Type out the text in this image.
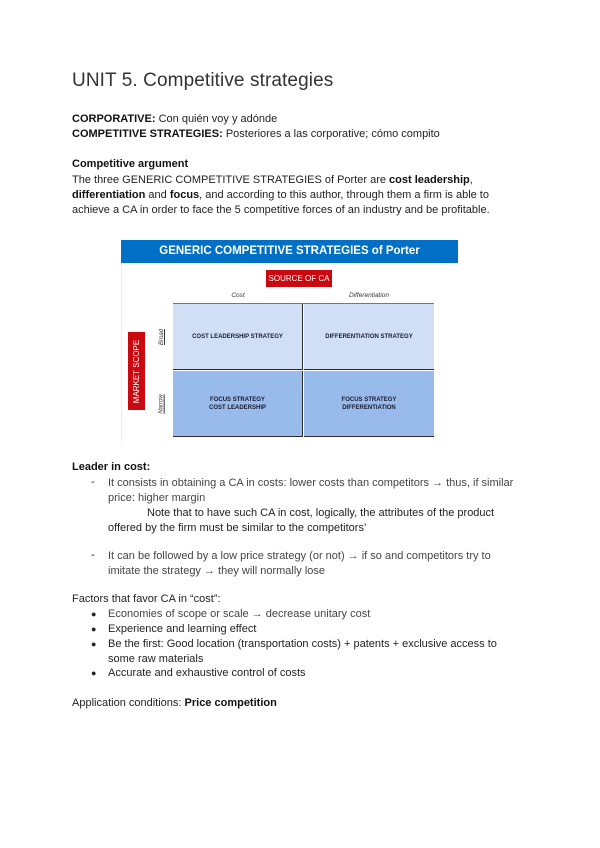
UNIT 5. Competitive strategies
CORPORATIVE: Con quién voy y adónde
COMPETITIVE STRATEGIES: Posteriores a las corporative; cómo compito
Competitive argument
The three GENERIC COMPETITIVE STRATEGIES of Porter are cost leadership,
differentiation and focus, and according to this author, through them a firm is able to
achieve a CA in order to face the 5 competitive forces of an industry and be profitable.
GENERIC COMPETITIVE STRATEGIES of Porter
SOURCE OF CA
Cost	Differentiation
MARKET SCOPE
Broad
Narrow
COST LEADERSHIP STRATEGY	DIFFERENTIATION STRATEGY
FOCUS STRATEGY
COST LEADERSHIP
FOCUS STRATEGY
DIFFERENTIATION
Leader in cost:
- It consists in obtaining a CA in costs: lower costs than competitors → thus, if similar
price: higher margin
Note that to have such CA in cost, logically, the attributes of the product
offered by the firm must be similar to the competitors’
- It can be followed by a low price strategy (or not) → if so and competitors try to
imitate the strategy → they will normally lose
Factors that favor CA in “cost”:
● Economies of scope or scale → decrease unitary cost
● Experience and learning effect
● Be the first: Good location (transportation costs) + patents + exclusive access to
some raw materials
● Accurate and exhaustive control of costs
Application conditions: Price competition
